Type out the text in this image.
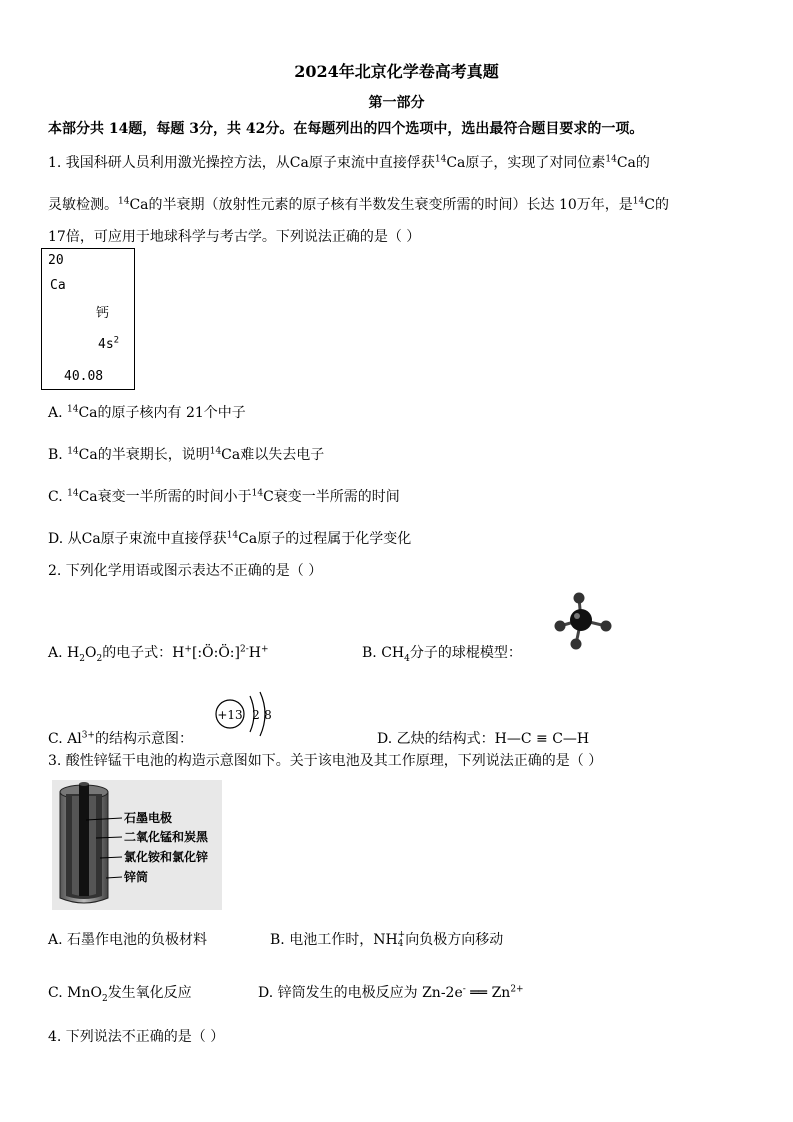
2024年北京化学卷高考真题
第一部分
本部分共 14题，每题 3分，共 42分。在每题列出的四个选项中，选出最符合题目要求的一项。
1. 我国科研人员利用激光操控方法，从Ca原子束流中直接俘获$^{14}$Ca原子，实现了对同位素$^{14}$Ca的
灵敏检测。$^{14}$Ca的半衰期（放射性元素的原子核有半数发生衰变所需的时间）长达 10万年，是$^{14}$C的
17倍，可应用于地球科学与考古学。下列说法正确的是（ ）
20
Ca
钙
$4s^2$
40.08
A. $^{14}$Ca的原子核内有 21个中子
B. $^{14}$Ca的半衰期长，说明$^{14}$Ca难以失去电子
C. $^{14}$Ca衰变一半所需的时间小于$^{14}$C衰变一半所需的时间
D. 从Ca原子束流中直接俘获$^{14}$Ca原子的过程属于化学变化
2. 下列化学用语或图示表达不正确的是（ ）
A. $H_2O_2$的电子式：H+[:Ö:Ö:]$^{2-}$H+	B. $CH_4$分子的球棍模型：
+13 2 8
C. $Al^{3+}$的结构示意图：	D. 乙炔的结构式：H—C ≡ C—H
3. 酸性锌锰干电池的构造示意图如下。关于该电池及其工作原理，下列说法正确的是（ ）
石墨电极
二氧化锰和炭黑
氯化铵和氯化锌
锌筒
A. 石墨作电池的负极材料	B. 电池工作时，NH +
4 向负极方向移动
C. MnO$_2$发生氧化反应	D. 锌筒发生的电极反应为 Zn-2e- ══ $Zn^{2+}$
4. 下列说法不正确的是（ ）
